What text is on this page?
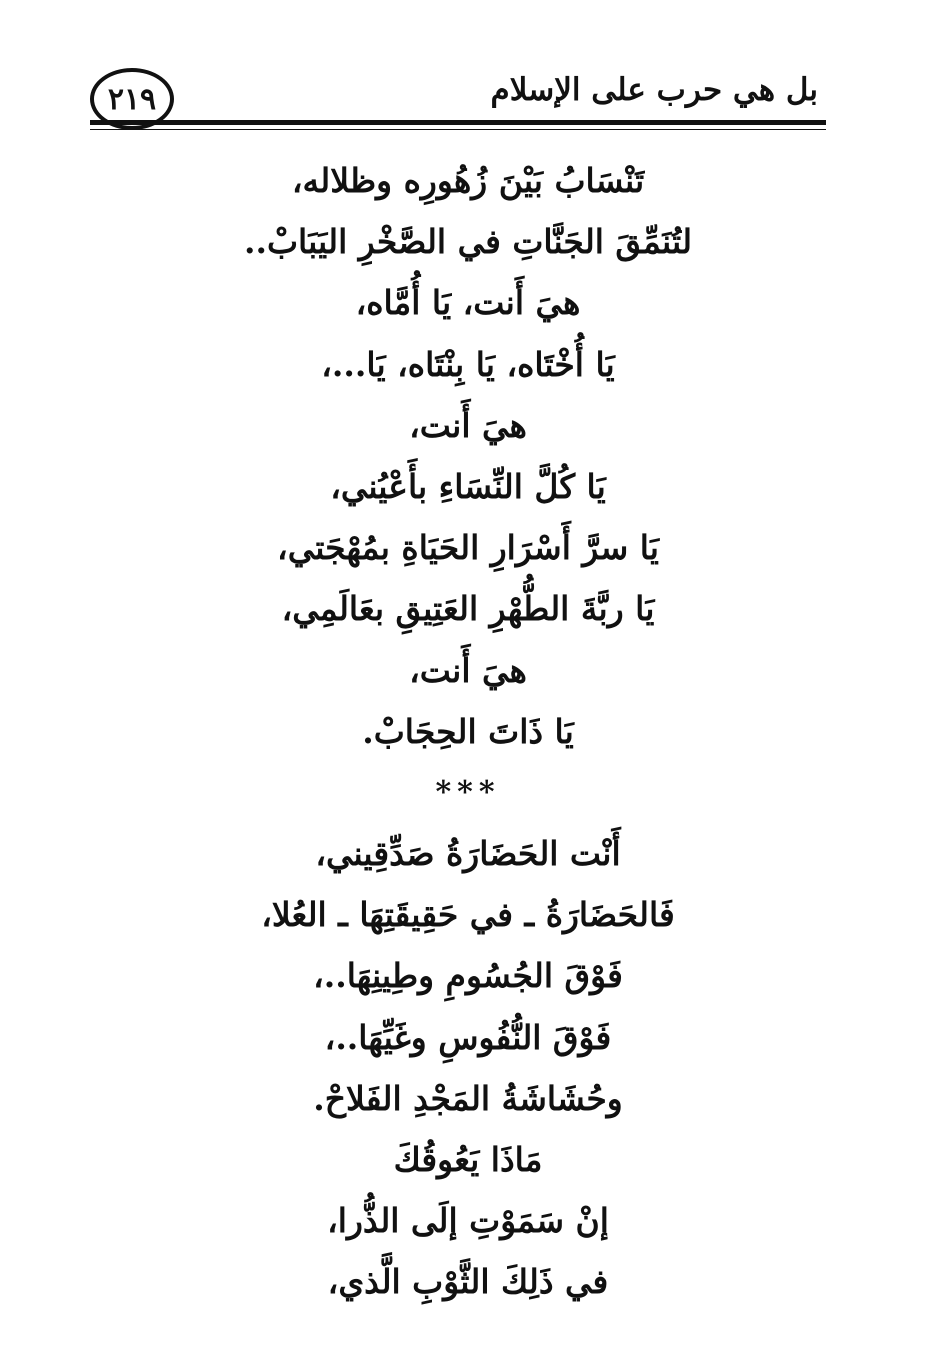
بل هي حرب على الإسلام
٢١٩
تَنْسَابُ بَيْنَ زُهُورِه وظلاله،
لتُنَمِّقَ الجَنَّاتِ في الصَّخْرِ اليَبَابْ..
هيَ أَنت، يَا أُمَّاه،
يَا أُخْتَاه، يَا بِنْتَاه، يَا...،
هيَ أَنت،
يَا كُلَّ النِّسَاءِ بأَعْيُني،
يَا سرَّ أَسْرَارِ الحَيَاةِ بمُهْجَتي،
يَا ربَّةَ الطُّهْرِ العَتِيقِ بعَالَمِي،
هيَ أَنت،
يَا ذَاتَ الحِجَابْ.
***
أَنْت الحَضَارَةُ صَدِّقِيني،
فَالحَضَارَةُ ـ في حَقِيقَتِهَا ـ العُلا،
فَوْقَ الجُسُومِ وطِينِهَا..،
فَوْقَ النُّفُوسِ وغَيِّهَا..،
وحُشَاشَةُ المَجْدِ الفَلاحْ.
مَاذَا يَعُوقُكَ
إنْ سَمَوْتِ إلَى الذُّرا،
في ذَلِكَ الثَّوْبِ الَّذي،
